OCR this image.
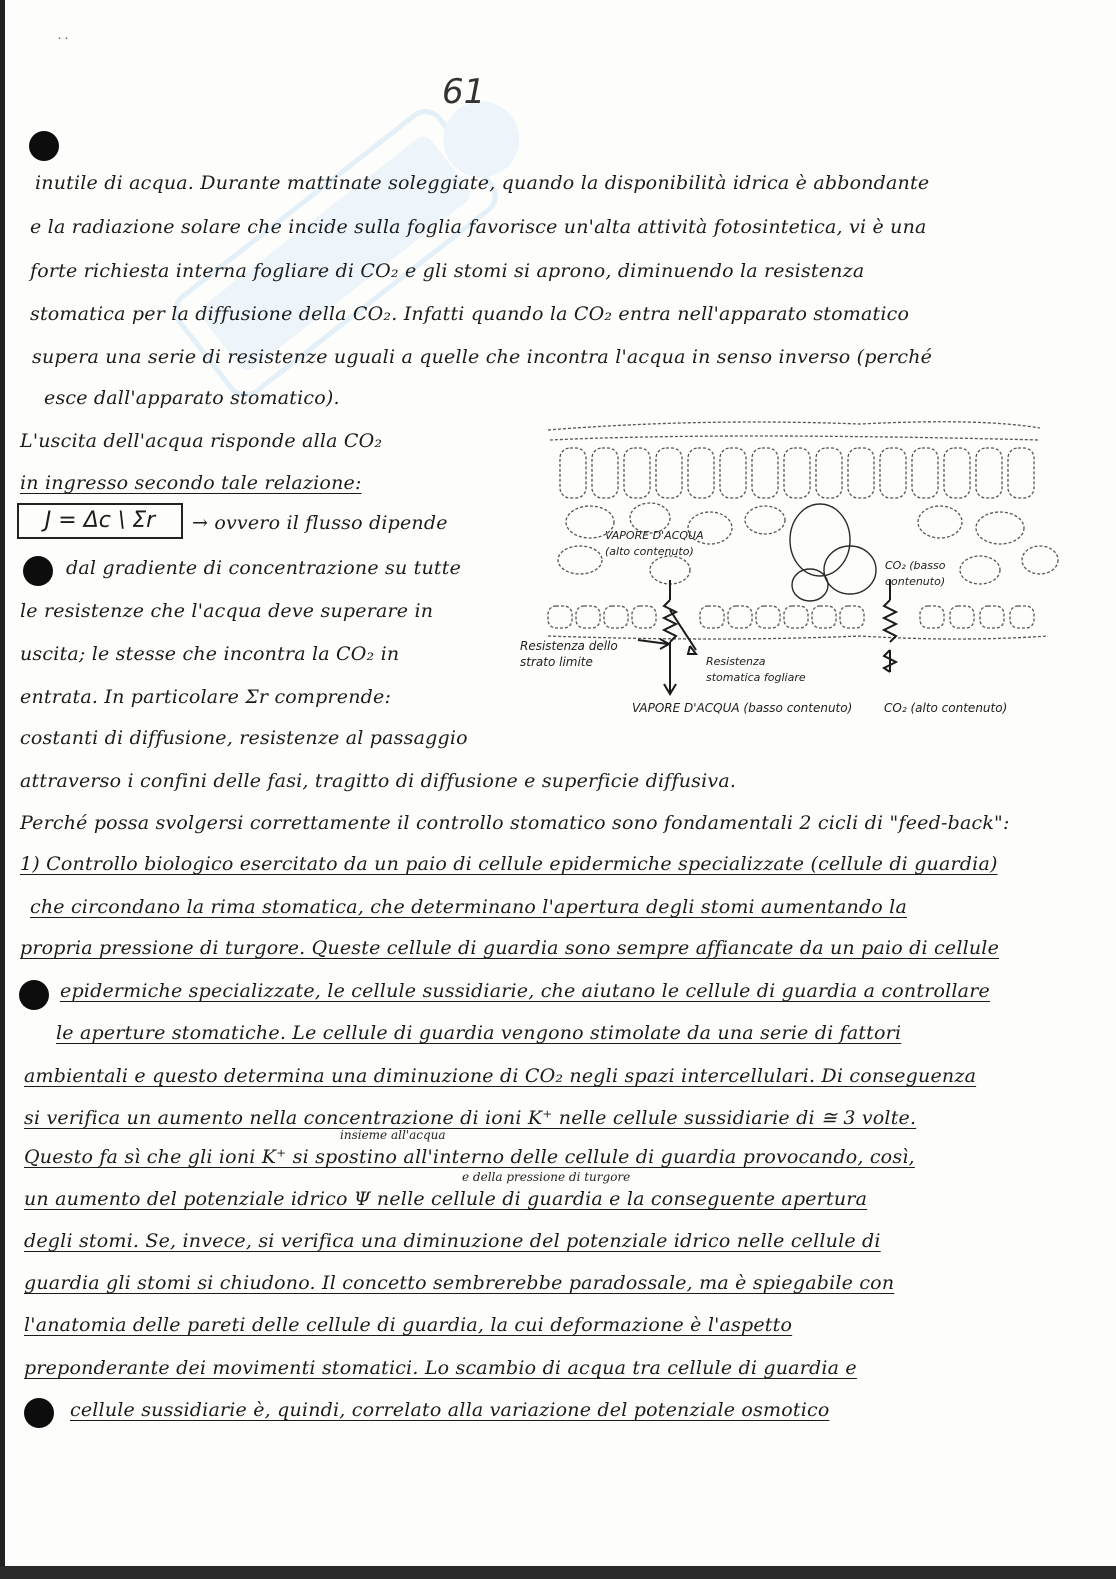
˙˙
61
inutile di acqua. Durante mattinate soleggiate, quando la disponibilità idrica è abbondante
e la radiazione solare che incide sulla foglia favorisce un'alta attività fotosintetica, vi è una
forte richiesta interna fogliare di CO₂ e gli stomi si aprono, diminuendo la resistenza
stomatica per la diffusione della CO₂. Infatti quando la CO₂ entra nell'apparato stomatico
supera una serie di resistenze uguali a quelle che incontra l'acqua in senso inverso (perché
esce dall'apparato stomatico).
L'uscita dell'acqua risponde alla CO₂
in ingresso secondo tale relazione:
J = Δc \ Σr	→ ovvero il flusso dipende
dal gradiente di concentrazione su tutte
le resistenze che l'acqua deve superare in
uscita; le stesse che incontra la CO₂ in
entrata. In particolare Σr comprende:
costanti di diffusione, resistenze al passaggio
attraverso i confini delle fasi, tragitto di diffusione e superficie diffusiva.
Perché possa svolgersi correttamente il controllo stomatico sono fondamentali 2 cicli di "feed-back":
1) Controllo biologico esercitato da un paio di cellule epidermiche specializzate (cellule di guardia)
che circondano la rima stomatica, che determinano l'apertura degli stomi aumentando la
propria pressione di turgore. Queste cellule di guardia sono sempre affiancate da un paio di cellule
epidermiche specializzate, le cellule sussidiarie, che aiutano le cellule di guardia a controllare
le aperture stomatiche. Le cellule di guardia vengono stimolate da una serie di fattori
ambientali e questo determina una diminuzione di CO₂ negli spazi intercellulari. Di conseguenza
si verifica un aumento nella concentrazione di ioni K⁺ nelle cellule sussidiarie di ≅ 3 volte.
insieme all'acqua
Questo fa sì che gli ioni K⁺ si spostino all'interno delle cellule di guardia provocando, così,
e della pressione di turgore
un aumento del potenziale idrico Ψ nelle cellule di guardia e la conseguente apertura
degli stomi. Se, invece, si verifica una diminuzione del potenziale idrico nelle cellule di
guardia gli stomi si chiudono. Il concetto sembrerebbe paradossale, ma è spiegabile con
l'anatomia delle pareti delle cellule di guardia, la cui deformazione è l'aspetto
preponderante dei movimenti stomatici. Lo scambio di acqua tra cellule di guardia e
cellule sussidiarie è, quindi, correlato alla variazione del potenziale osmotico
VAPORE D'ACQUA (alto contenuto)
CO₂ (basso contenuto)
Resistenza dello strato limite	Resistenza stomatica fogliare
VAPORE D'ACQUA (basso contenuto)	CO₂ (alto contenuto)
